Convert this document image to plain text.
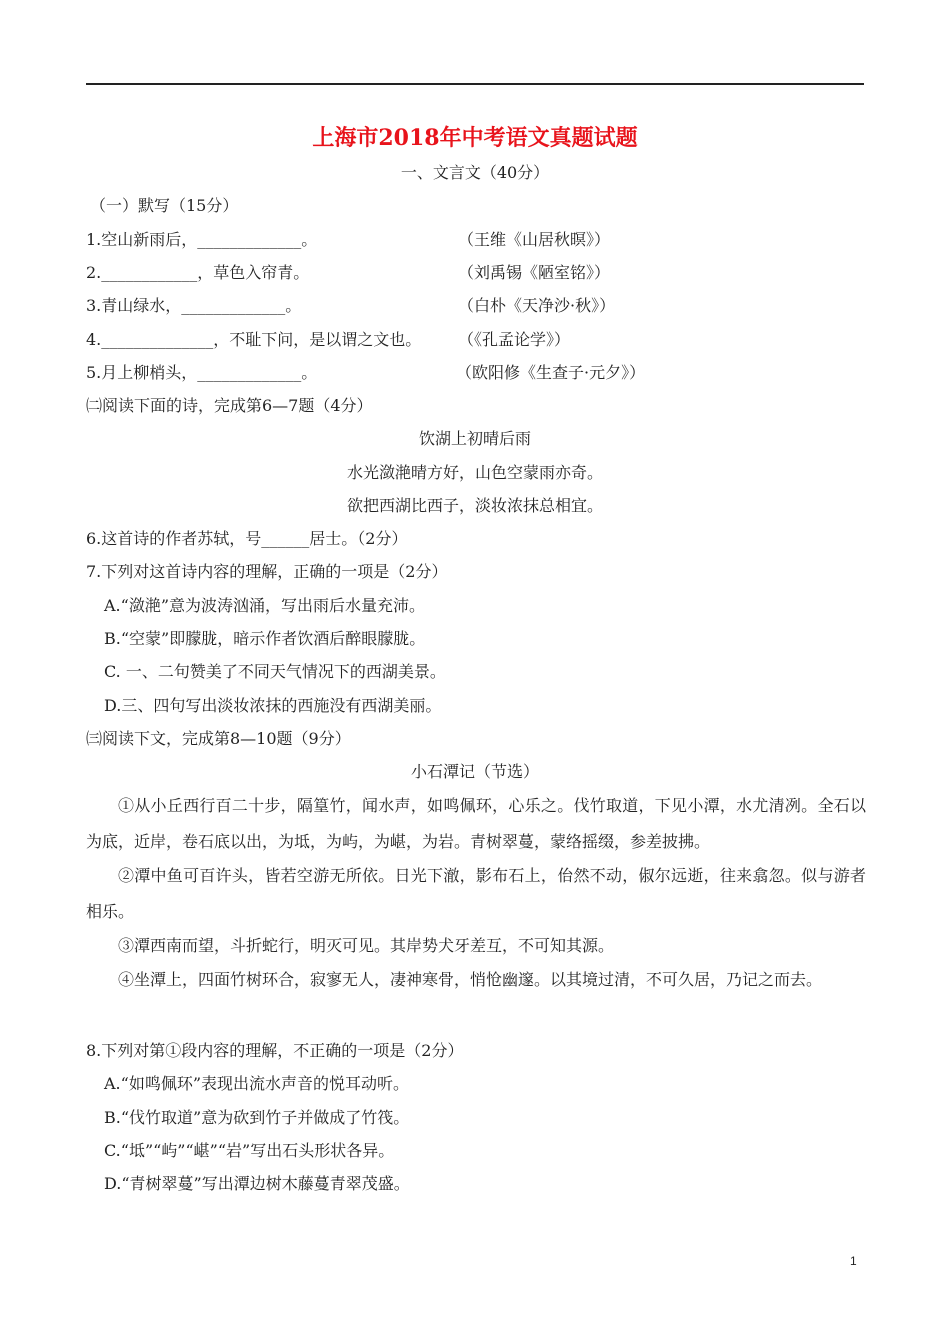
上海市2018年中考语文真题试题
一、文言文（40分）
（一）默写（15分）
1.空山新雨后，_____________。	（王维《山居秋暝》）
2.____________，草色入帘青。	（刘禹锡《陋室铭》）
3.青山绿水，_____________。	（白朴《天净沙·秋》）
4.______________，不耻下问，是以谓之文也。 （《孔孟论学》）
5.月上柳梢头，_____________。	（欧阳修《生查子·元夕》）
㈡阅读下面的诗，完成第6—7题（4分）
饮湖上初晴后雨
水光潋滟晴方好，山色空蒙雨亦奇。
欲把西湖比西子，淡妆浓抹总相宜。
6.这首诗的作者苏轼，号______居士。（2分）
7.下列对这首诗内容的理解，正确的一项是（2分）
A.“潋滟”意为波涛汹涌，写出雨后水量充沛。
B.“空蒙”即朦胧，暗示作者饮酒后醉眼朦胧。
C. 一、二句赞美了不同天气情况下的西湖美景。
D.三、四句写出淡妆浓抹的西施没有西湖美丽。
㈢阅读下文，完成第8—10题（9分）
小石潭记（节选）
①从小丘西行百二十步，隔篁竹，闻水声，如鸣佩环，心乐之。伐竹取道，下见小潭，水尤清冽。全石以为底，近岸，卷石底以出，为坻，为屿，为嵁，为岩。青树翠蔓，蒙络摇缀，参差披拂。
②潭中鱼可百许头，皆若空游无所依。日光下澈，影布石上，佁然不动，俶尔远逝，往来翕忽。似与游者相乐。
③潭西南而望，斗折蛇行，明灭可见。其岸势犬牙差互，不可知其源。
④坐潭上，四面竹树环合，寂寥无人，凄神寒骨，悄怆幽邃。以其境过清，不可久居，乃记之而去。
8.下列对第①段内容的理解，不正确的一项是（2分）
A.“如鸣佩环”表现出流水声音的悦耳动听。
B.“伐竹取道”意为砍到竹子并做成了竹筏。
C.“坻”“屿”“嵁”“岩”写出石头形状各异。
D.“青树翠蔓”写出潭边树木藤蔓青翠茂盛。
1
